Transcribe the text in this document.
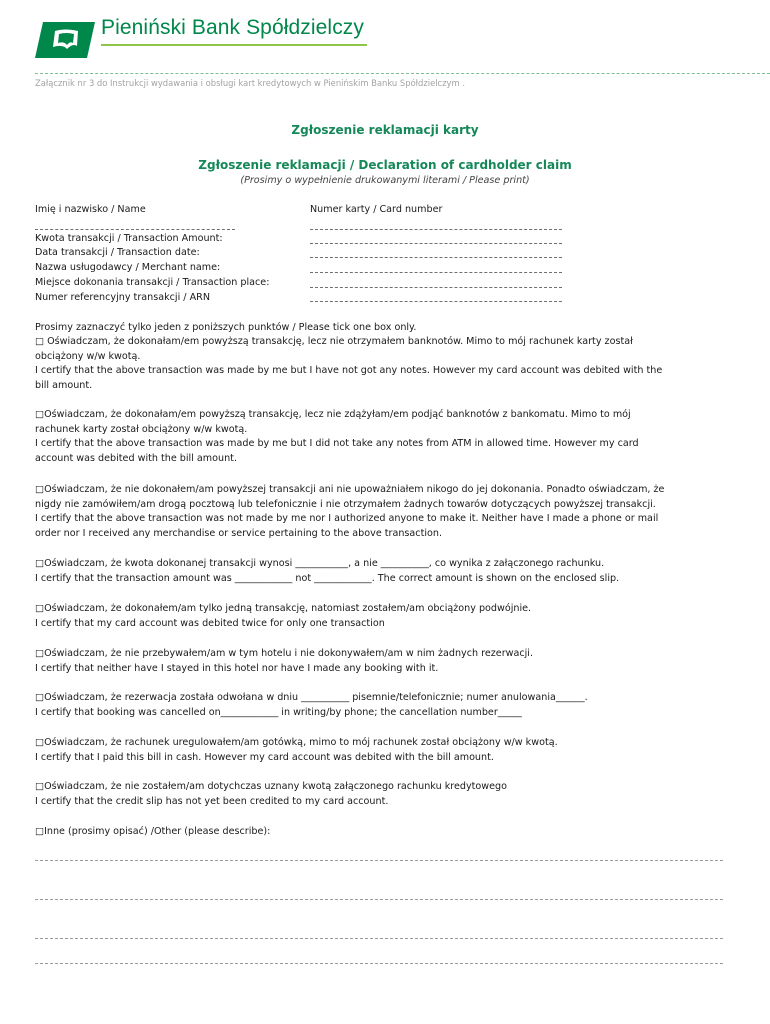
Pieniński Bank Spółdzielczy
Załącznik nr 3 do Instrukcji wydawania i obsługi kart kredytowych w Pienińskim Banku Spółdzielczym .
Zgłoszenie reklamacji karty
Zgłoszenie reklamacji / Declaration of cardholder claim
(Prosimy o wypełnienie drukowanymi literami / Please print)
Imię i nazwisko / Name	Numer karty / Card number
Kwota transakcji / Transaction Amount:
Data transakcji / Transaction date:
Nazwa usługodawcy / Merchant name:
Miejsce dokonania transakcji / Transaction place:
Numer referencyjny transakcji / ARN
Prosimy zaznaczyć tylko jeden z poniższych punktów / Please tick one box only.
□ Oświadczam, że dokonałam/em powyższą transakcję, lecz nie otrzymałem banknotów. Mimo to mój rachunek karty został
obciążony w/w kwotą.
I certify that the above transaction was made by me but I have not got any notes. However my card account was debited with the
bill amount.
□Oświadczam, że dokonałam/em powyższą transakcję, lecz nie zdążyłam/em podjąć banknotów z bankomatu. Mimo to mój
rachunek karty został obciążony w/w kwotą.
I certify that the above transaction was made by me but I did not take any notes from ATM in allowed time. However my card
account was debited with the bill amount.
□Oświadczam, że nie dokonałem/am powyższej transakcji ani nie upoważniałem nikogo do jej dokonania. Ponadto oświadczam, że
nigdy nie zamówiłem/am drogą pocztową lub telefonicznie i nie otrzymałem żadnych towarów dotyczących powyższej transakcji.
I certify that the above transaction was not made by me nor I authorized anyone to make it. Neither have I made a phone or mail
order nor I received any merchandise or service pertaining to the above transaction.
□Oświadczam, że kwota dokonanej transakcji wynosi ___________, a nie __________, co wynika z załączonego rachunku.
I certify that the transaction amount was ____________ not ____________. The correct amount is shown on the enclosed slip.
□Oświadczam, że dokonałem/am tylko jedną transakcję, natomiast zostałem/am obciążony podwójnie.
I certify that my card account was debited twice for only one transaction
□Oświadczam, że nie przebywałem/am w tym hotelu i nie dokonywałem/am w nim żadnych rezerwacji.
I certify that neither have I stayed in this hotel nor have I made any booking with it.
□Oświadczam, że rezerwacja została odwołana w dniu __________ pisemnie/telefonicznie; numer anulowania______.
I certify that booking was cancelled on____________ in writing/by phone; the cancellation number_____
□Oświadczam, że rachunek uregulowałem/am gotówką, mimo to mój rachunek został obciążony w/w kwotą.
I certify that I paid this bill in cash. However my card account was debited with the bill amount.
□Oświadczam, że nie zostałem/am dotychczas uznany kwotą załączonego rachunku kredytowego
I certify that the credit slip has not yet been credited to my card account.
□Inne (prosimy opisać) /Other (please describe):
